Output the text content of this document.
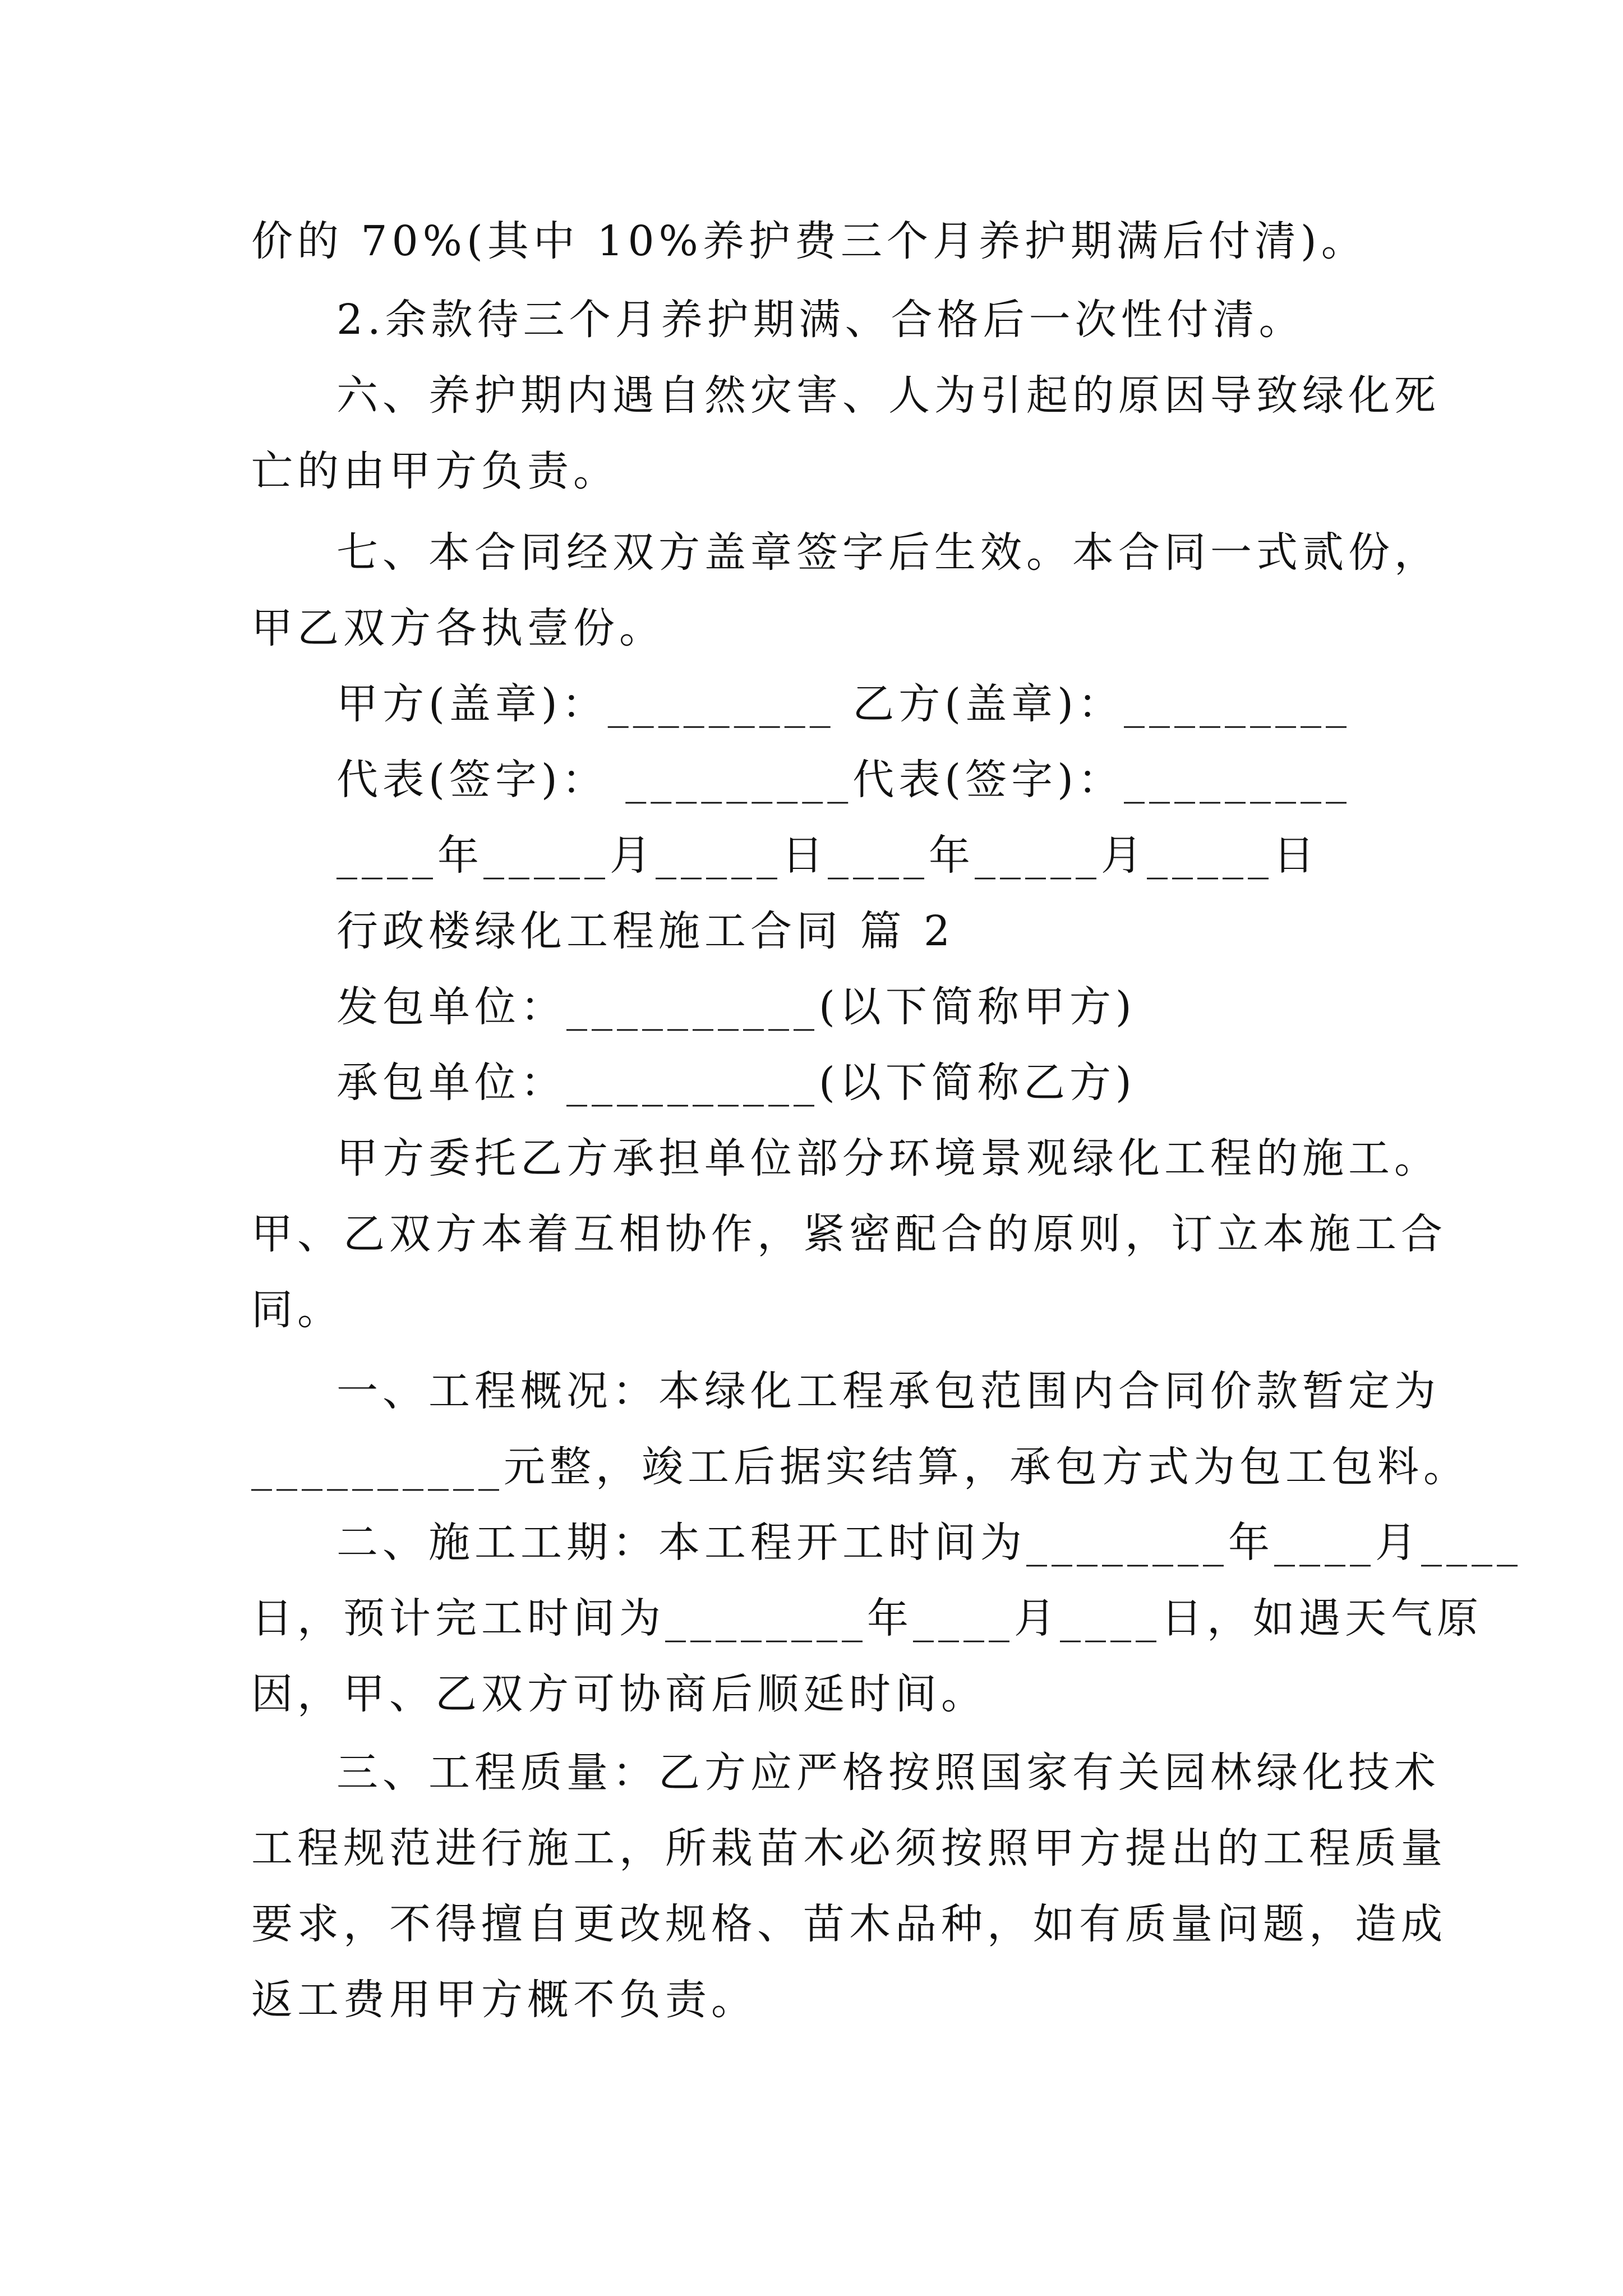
价的 70%(其中 10%养护费三个月养护期满后付清)。
2.余款待三个月养护期满、合格后一次性付清。
六、养护期内遇自然灾害、人为引起的原因导致绿化死
亡的由甲方负责。
七、本合同经双方盖章签字后生效。本合同一式贰份，
甲乙双方各执壹份。
甲方(盖章)：_________ 乙方(盖章)：_________
代表(签字)： _________代表(签字)：_________
____年_____月_____日____年_____月_____日
行政楼绿化工程施工合同 篇 2
发包单位：__________(以下简称甲方)
承包单位：__________(以下简称乙方)
甲方委托乙方承担单位部分环境景观绿化工程的施工。
甲、乙双方本着互相协作，紧密配合的原则，订立本施工合
同。
一、工程概况：本绿化工程承包范围内合同价款暂定为
__________元整，竣工后据实结算，承包方式为包工包料。
二、施工工期：本工程开工时间为________年____月____
日，预计完工时间为________年____月____日，如遇天气原
因，甲、乙双方可协商后顺延时间。
三、工程质量：乙方应严格按照国家有关园林绿化技术
工程规范进行施工，所栽苗木必须按照甲方提出的工程质量
要求，不得擅自更改规格、苗木品种，如有质量问题，造成
返工费用甲方概不负责。
